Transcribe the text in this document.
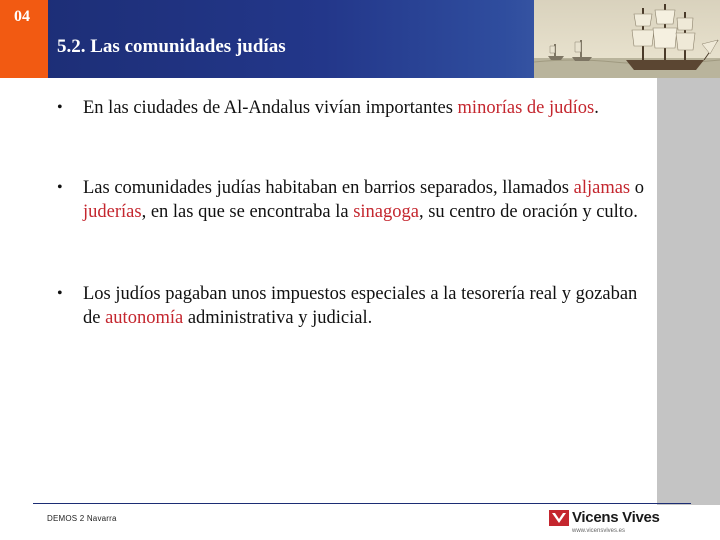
04
5.2. Las comunidades judías
• En las ciudades de Al-Andalus vivían importantes minorías de judíos.
• Las comunidades judías habitaban en barrios separados, llamados aljamas o juderías, en las que se encontraba la sinagoga, su centro de oración y culto.
• Los judíos pagaban unos impuestos especiales a la tesorería real y gozaban de autonomía administrativa y judicial.
DEMOS 2 Navarra	Vicens Vives
www.vicensvives.es
